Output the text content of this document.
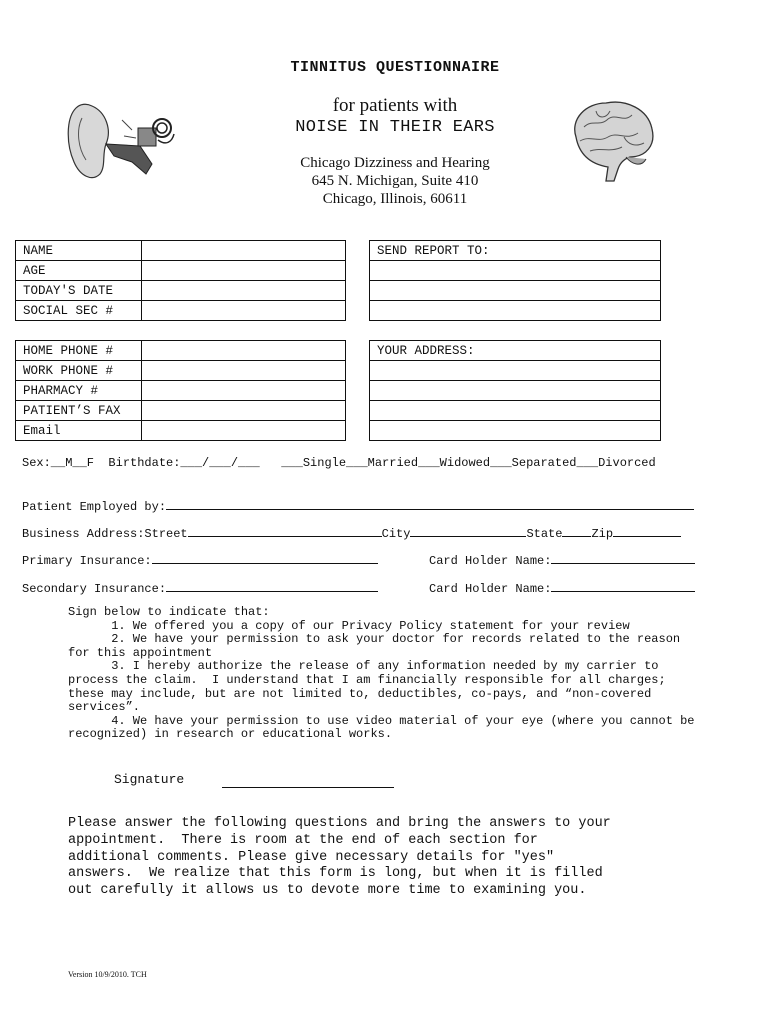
TINNITUS QUESTIONNAIRE
for patients with
NOISE IN THEIR EARS
Chicago Dizziness and Hearing
645 N. Michigan, Suite 410
Chicago, Illinois, 60611
NAME	
AGE	
TODAY'S DATE	
SOCIAL SEC #	
SEND REPORT TO:

HOME PHONE #	
WORK PHONE #	
PHARMACY #	
PATIENT’S FAX	
Email	
YOUR ADDRESS:

Sex:__M__F  Birthdate:___/___/___   ___Single___Married___Widowed___Separated___Divorced
Patient Employed by:
Business Address:Street	City	State Zip
Primary Insurance:	Card Holder Name:
Secondary Insurance:	Card Holder Name:
Sign below to indicate that:
1. We offered you a copy of our Privacy Policy statement for your review
2. We have your permission to ask your doctor for records related to the reason
for this appointment
3. I hereby authorize the release of any information needed by my carrier to
process the claim.  I understand that I am financially responsible for all charges;
these may include, but are not limited to, deductibles, co-pays, and “non-covered
services”.
4. We have your permission to use video material of your eye (where you cannot be
recognized) in research or educational works.
Signature
Please answer the following questions and bring the answers to your
appointment.  There is room at the end of each section for
additional comments. Please give necessary details for "yes"
answers.  We realize that this form is long, but when it is filled
out carefully it allows us to devote more time to examining you.
Version 10/9/2010. TCH
